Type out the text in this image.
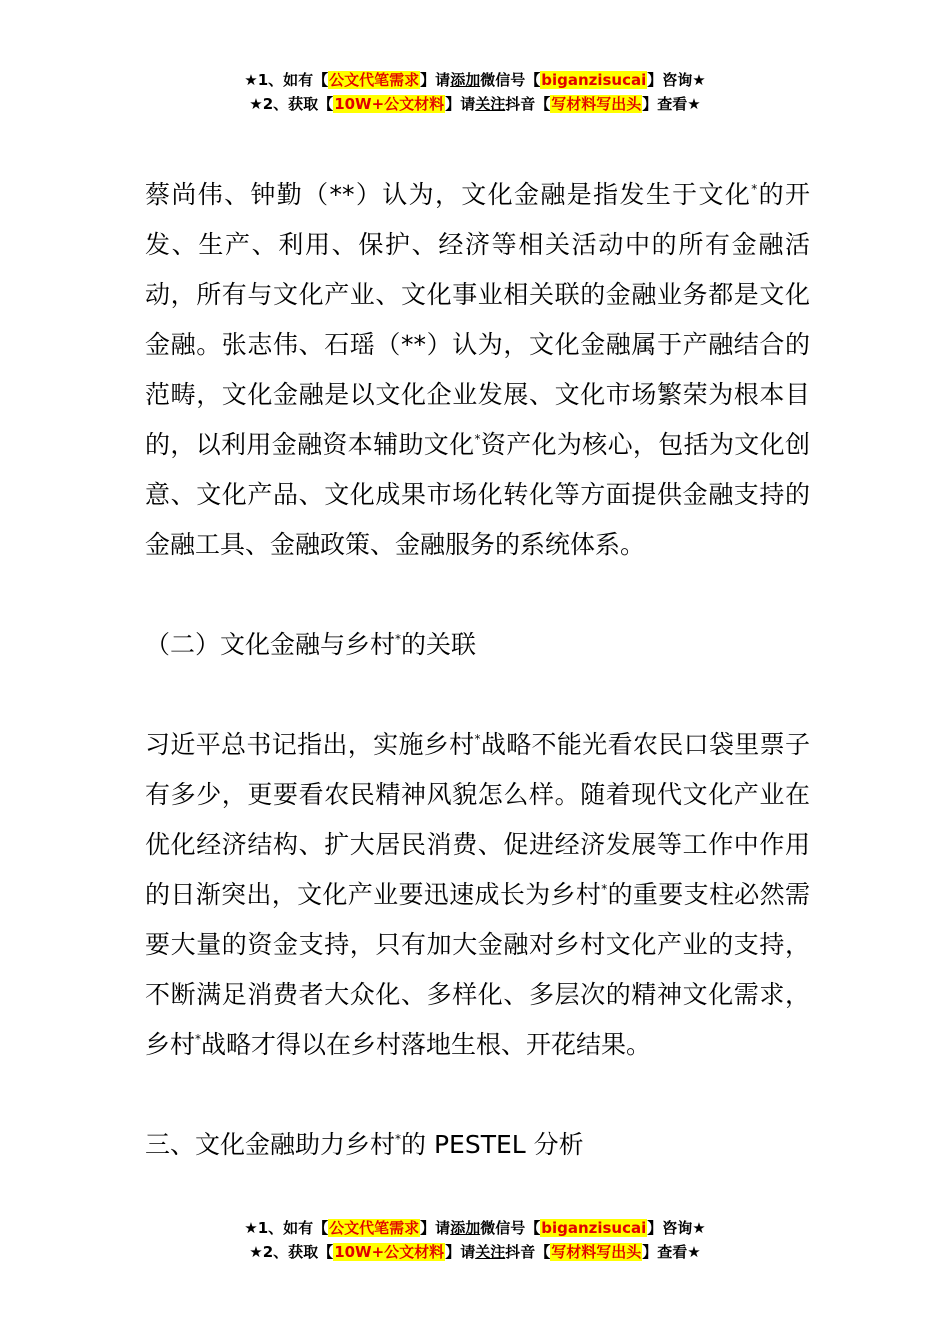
★1、如有【公文代笔需求】请添加微信号【biganzisucai】咨询★
★2、获取【10W+公文材料】请关注抖音【写材料写出头】查看★

蔡尚伟、钟勤（**）认为，文化金融是指发生于文化*的开发、生产、利用、保护、经济等相关活动中的所有金融活动，所有与文化产业、文化事业相关联的金融业务都是文化金融。张志伟、石瑶（**）认为，文化金融属于产融结合的范畴，文化金融是以文化企业发展、文化市场繁荣为根本目的，以利用金融资本辅助文化*资产化为核心，包括为文化创意、文化产品、文化成果市场化转化等方面提供金融支持的金融工具、金融政策、金融服务的系统体系。

（二）文化金融与乡村*的关联

习近平总书记指出，实施乡村*战略不能光看农民口袋里票子有多少，更要看农民精神风貌怎么样。随着现代文化产业在优化经济结构、扩大居民消费、促进经济发展等工作中作用的日渐突出，文化产业要迅速成长为乡村*的重要支柱必然需要大量的资金支持，只有加大金融对乡村文化产业的支持，不断满足消费者大众化、多样化、多层次的精神文化需求，乡村*战略才得以在乡村落地生根、开花结果。

三、文化金融助力乡村*的 PESTEL 分析

★1、如有【公文代笔需求】请添加微信号【biganzisucai】咨询★
★2、获取【10W+公文材料】请关注抖音【写材料写出头】查看★
